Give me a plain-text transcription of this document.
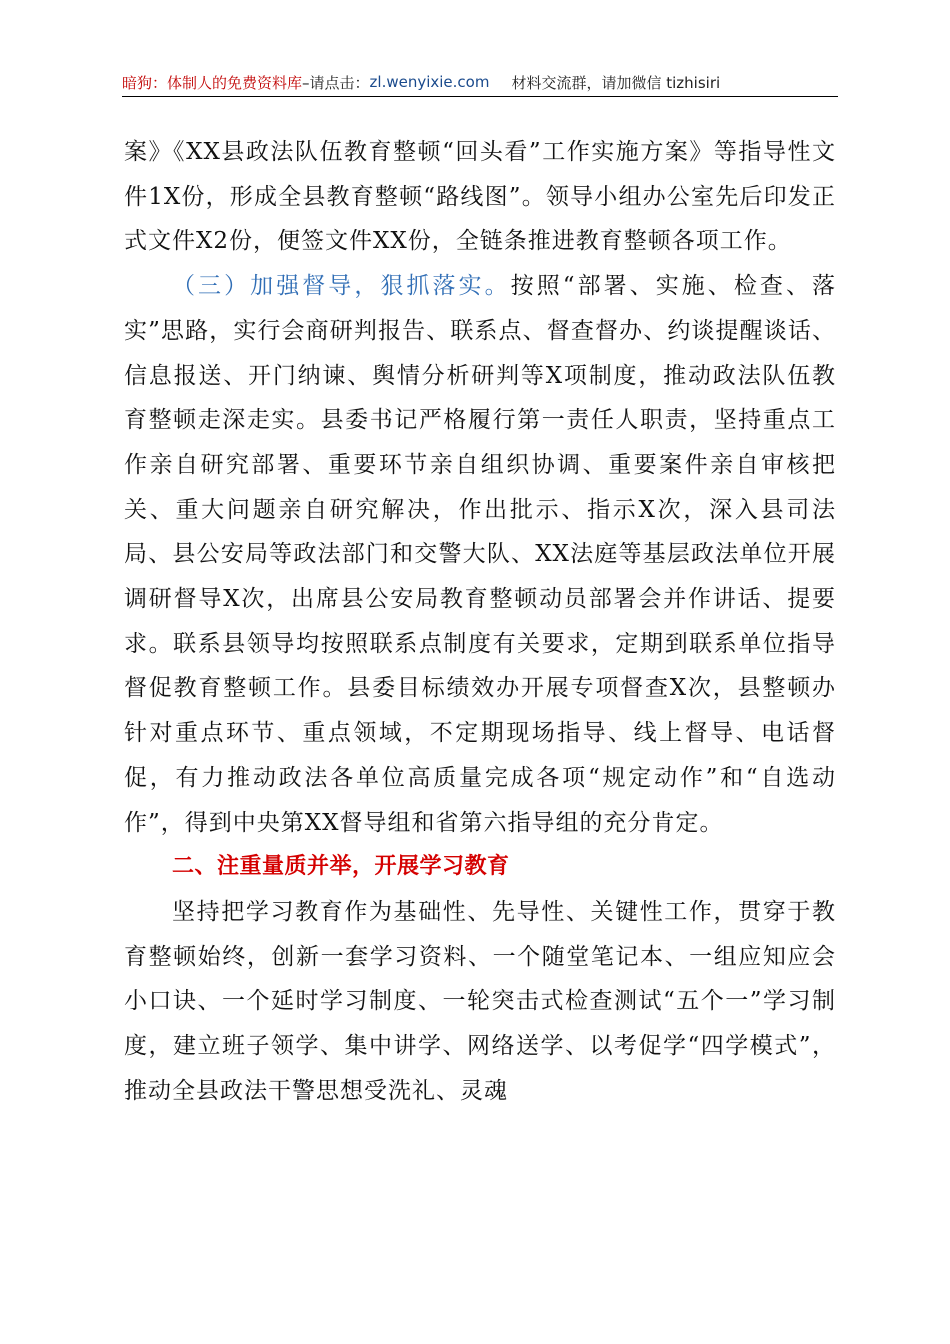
暗狗：体制人的免费资料库 –请点击： zl.wenyixie.com 材料交流群，请加微信 tizhisiri

案》《XX县政法队伍教育整顿“回头看”工作实施方案》等指导性文件1X份，形成全县教育整顿“路线图”。领导小组办公室先后印发正式文件X2份，便签文件XX份，全链条推进教育整顿各项工作。

（三）加强督导，狠抓落实。按照“部署、实施、检查、落实”思路，实行会商研判报告、联系点、督查督办、约谈提醒谈话、信息报送、开门纳谏、舆情分析研判等X项制度，推动政法队伍教育整顿走深走实。县委书记严格履行第一责任人职责，坚持重点工作亲自研究部署、重要环节亲自组织协调、重要案件亲自审核把关、重大问题亲自研究解决，作出批示、指示X次，深入县司法局、县公安局等政法部门和交警大队、XX法庭等基层政法单位开展调研督导X次，出席县公安局教育整顿动员部署会并作讲话、提要求。联系县领导均按照联系点制度有关要求，定期到联系单位指导督促教育整顿工作。县委目标绩效办开展专项督查X次，县整顿办针对重点环节、重点领域，不定期现场指导、线上督导、电话督促，有力推动政法各单位高质量完成各项“规定动作”和“自选动作”，得到中央第XX督导组和省第六指导组的充分肯定。

二、注重量质并举，开展学习教育

坚持把学习教育作为基础性、先导性、关键性工作，贯穿于教育整顿始终，创新一套学习资料、一个随堂笔记本、一组应知应会小口诀、一个延时学习制度、一轮突击式检查测试“五个一”学习制度，建立班子领学、集中讲学、网络送学、以考促学“四学模式”，推动全县政法干警思想受洗礼、灵魂
